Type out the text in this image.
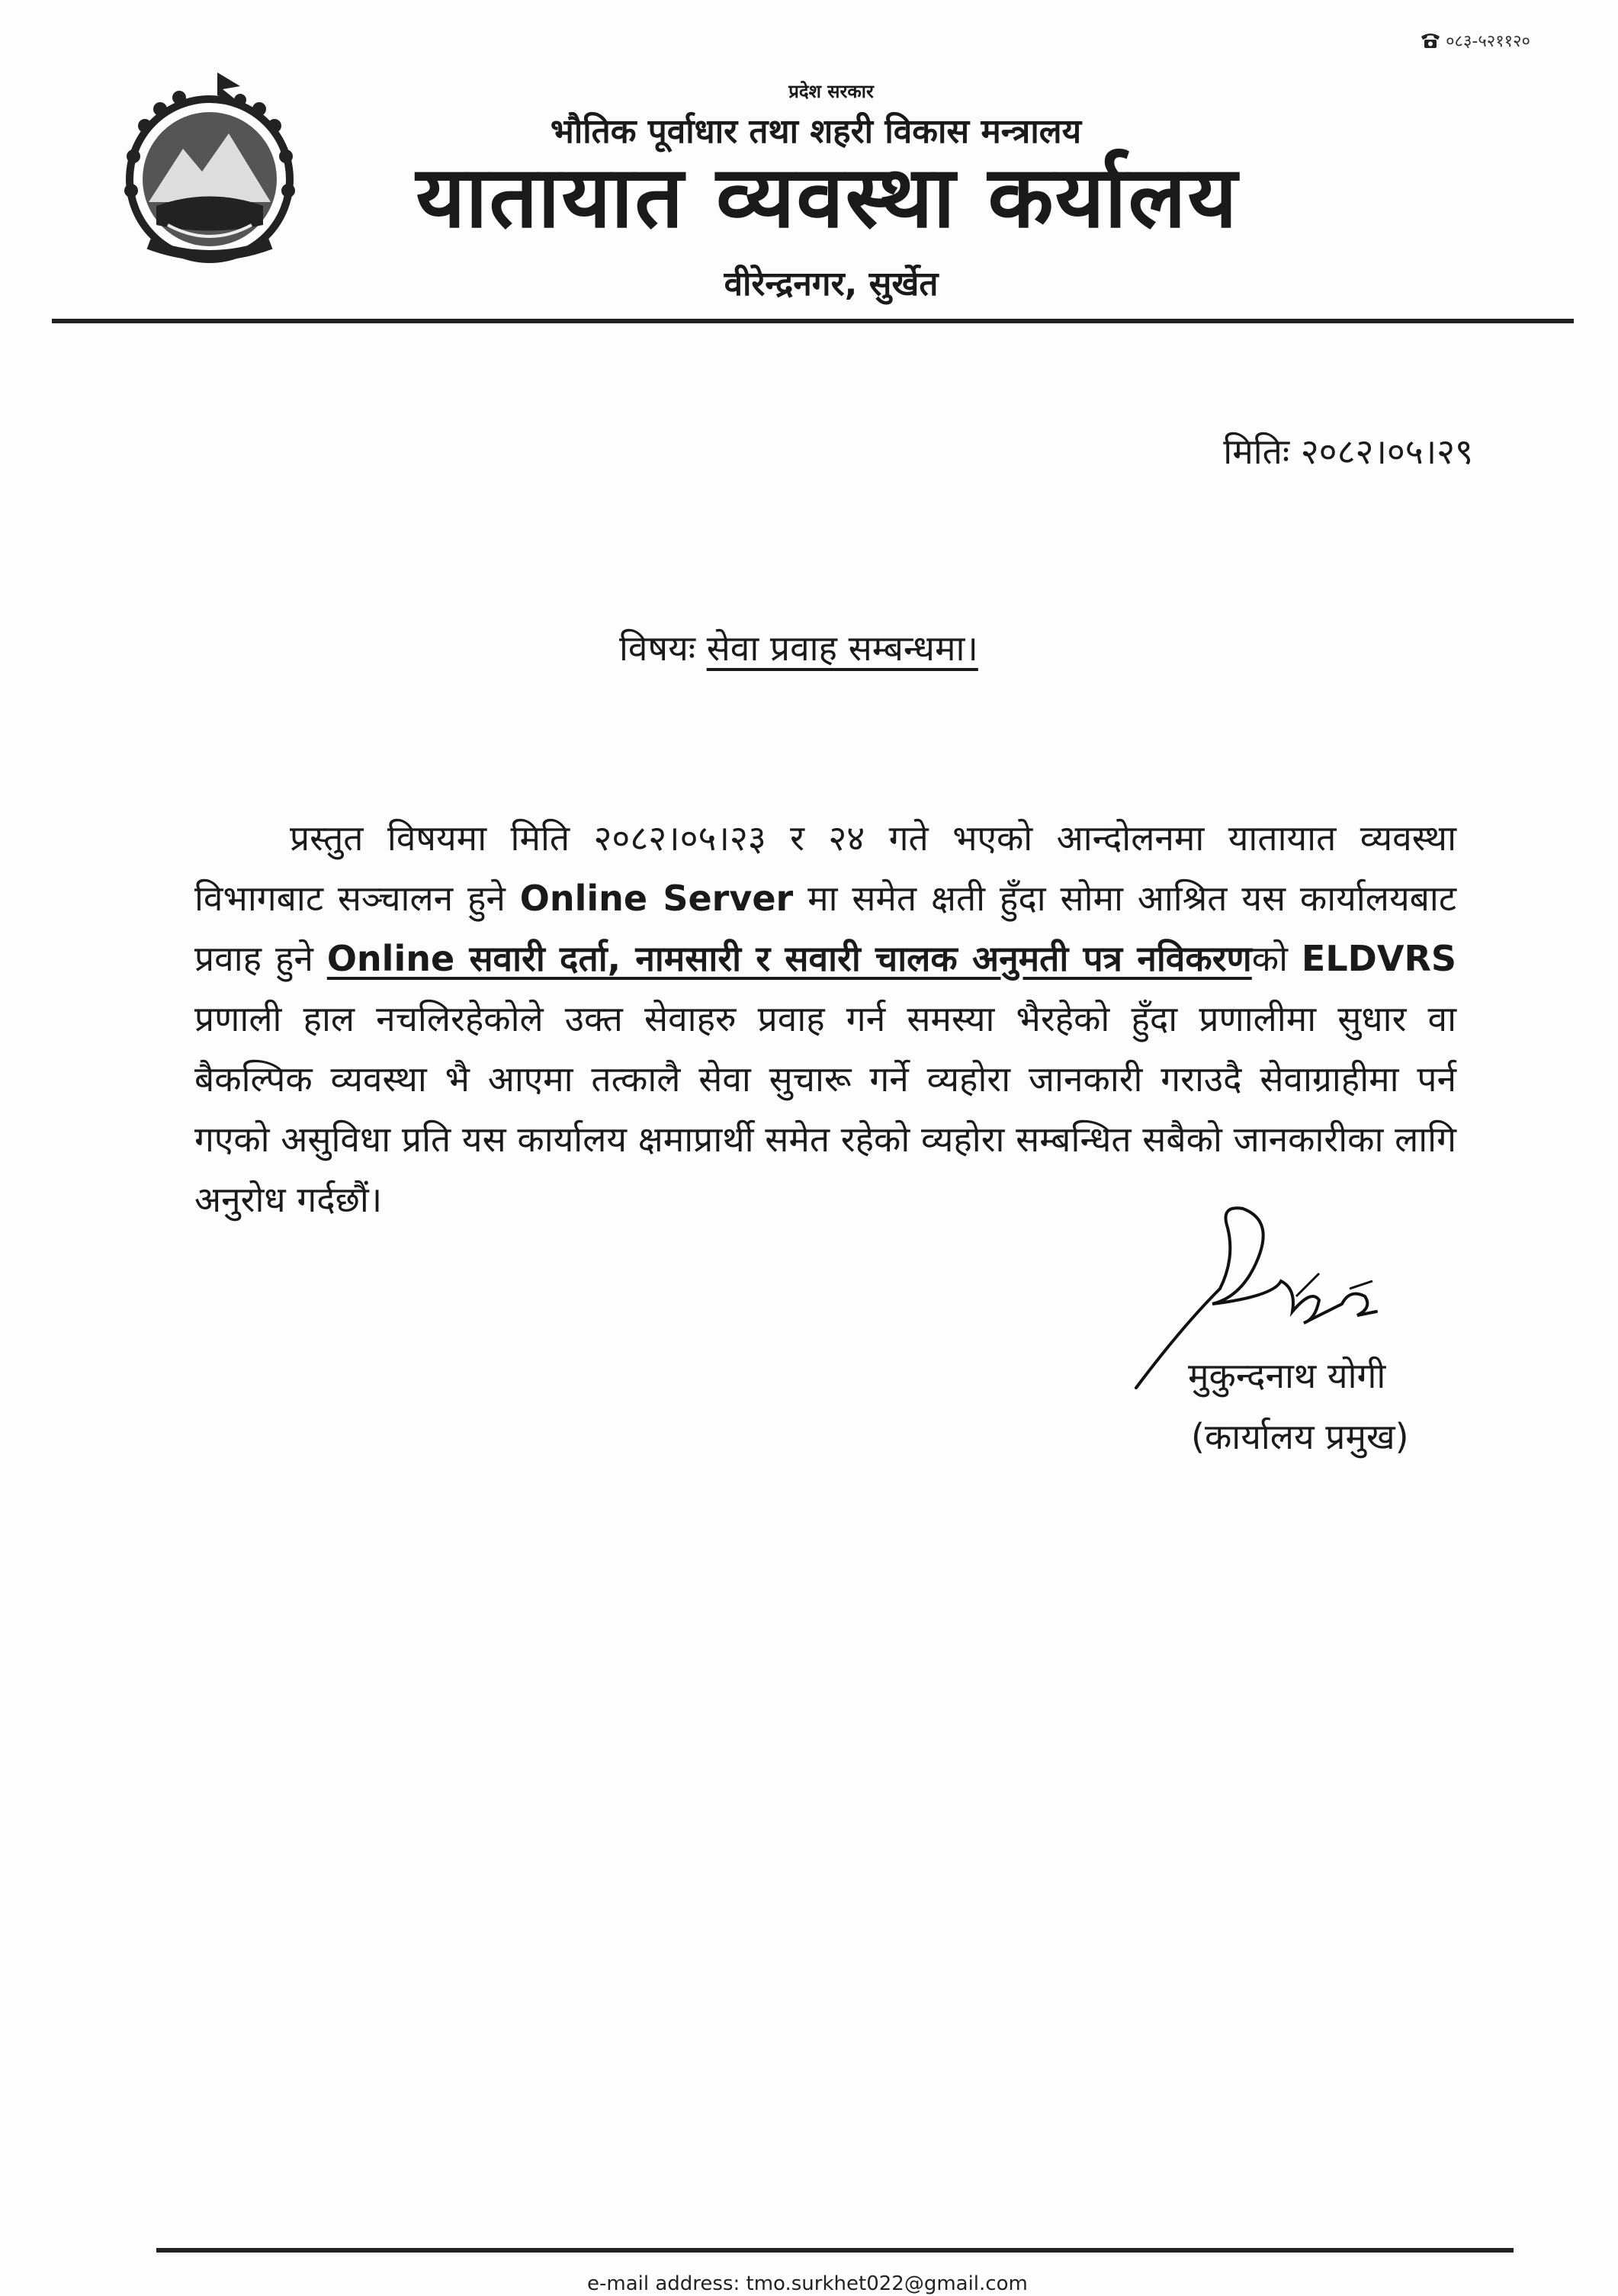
०८३-५२११२०
प्रदेश सरकार
भौतिक पूर्वाधार तथा शहरी विकास मन्त्रालय
यातायात व्यवस्था कर्यालय
वीरेन्द्रनगर, सुर्खेत
मितिः २०८२।०५।२९
विषयः सेवा प्रवाह सम्बन्धमा।
प्रस्तुत विषयमा मिति २०८२।०५।२३ र २४ गते भएको आन्दोलनमा यातायात व्यवस्था विभागबाट सञ्चालन हुने Online Server मा समेत क्षती हुँदा सोमा आश्रित यस कार्यालयबाट प्रवाह हुने Online सवारी दर्ता, नामसारी र सवारी चालक अनुमती पत्र नविकरणको ELDVRS प्रणाली हाल नचलिरहेकोले उक्त सेवाहरु प्रवाह गर्न समस्या भैरहेको हुँदा प्रणालीमा सुधार वा बैकल्पिक व्यवस्था भै आएमा तत्कालै सेवा सुचारू गर्ने व्यहोरा जानकारी गराउदै सेवाग्राहीमा पर्न गएको असुविधा प्रति यस कार्यालय क्षमाप्रार्थी समेत रहेको व्यहोरा सम्बन्धित सबैको जानकारीका लागि अनुरोध गर्दछौं।
मुकुन्दनाथ योगी
(कार्यालय प्रमुख)
e-mail address: tmo.surkhet022@gmail.com
